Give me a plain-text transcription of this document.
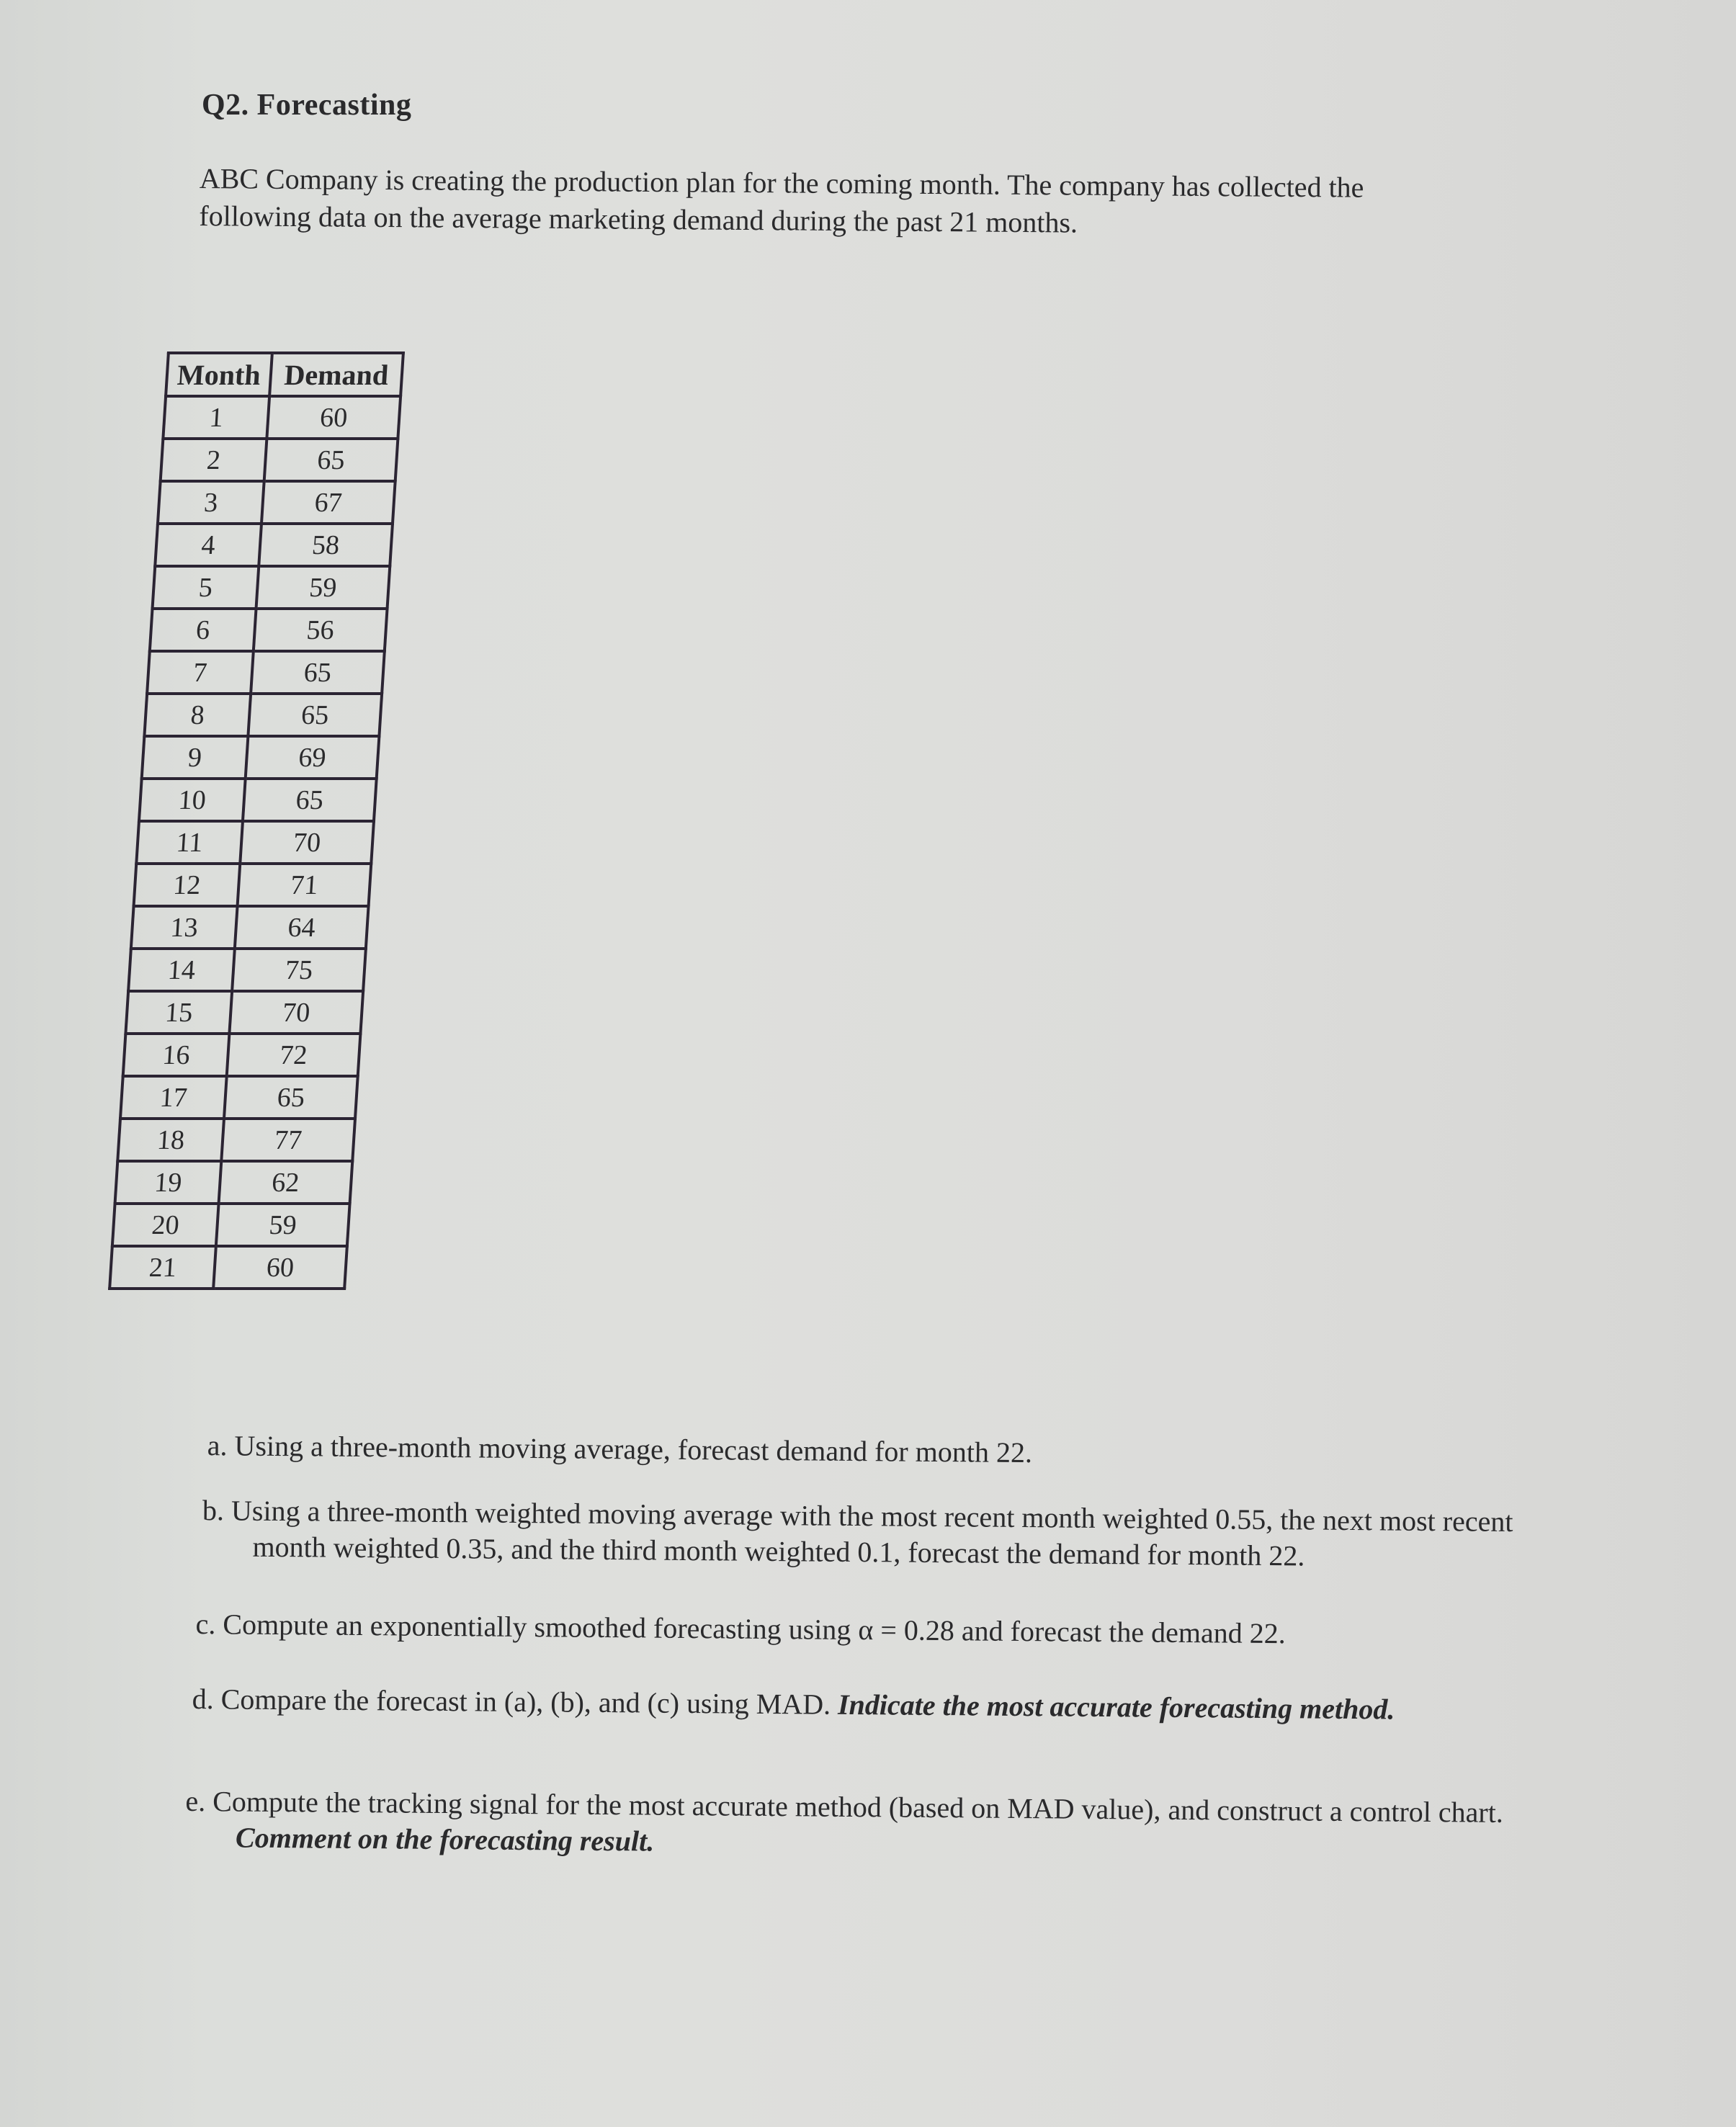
Q2. Forecasting
ABC Company is creating the production plan for the coming month. The company has collected the following data on the average marketing demand during the past 21 months.
Month	Demand
1	60
2	65
3	67
4	58
5	59
6	56
7	65
8	65
9	69
10	65
11	70
12	71
13	64
14	75
15	70
16	72
17	65
18	77
19	62
20	59
21	60
a. Using a three-month moving average, forecast demand for month 22.
b. Using a three-month weighted moving average with the most recent month weighted 0.55, the next most recent month weighted 0.35, and the third month weighted 0.1, forecast the demand for month 22.
c. Compute an exponentially smoothed forecasting using α = 0.28 and forecast the demand 22.
d. Compare the forecast in (a), (b), and (c) using MAD. Indicate the most accurate forecasting method.
e. Compute the tracking signal for the most accurate method (based on MAD value), and construct a control chart. Comment on the forecasting result.
